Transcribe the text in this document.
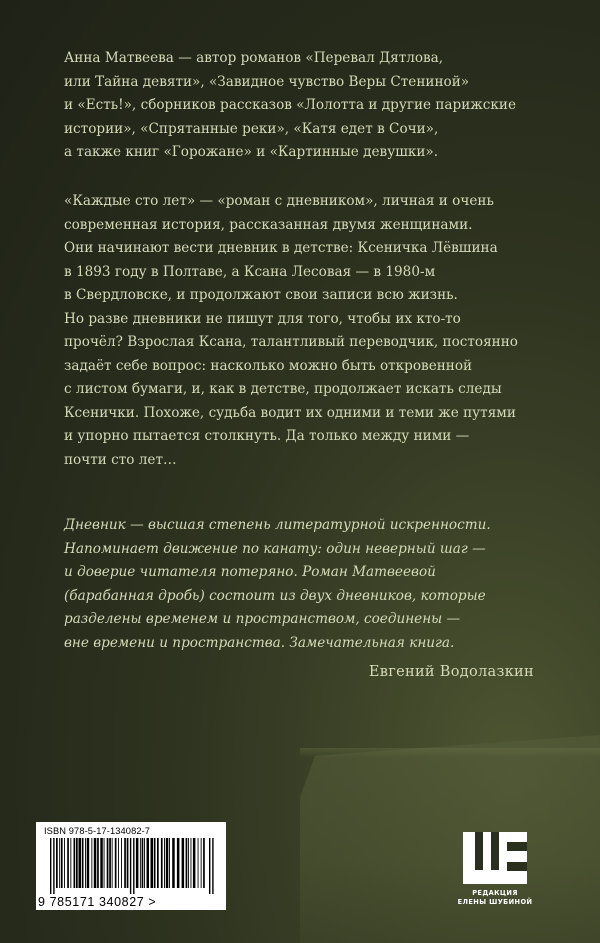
Анна Матвеева — автор романов «Перевал Дятлова,

или Тайна девяти», «Завидное чувство Веры Стениной»

и «Есть!», сборников рассказов «Лолотта и другие парижские

истории», «Спрятанные реки», «Катя едет в Сочи»,

а также книг «Горожане» и «Картинные девушки».

«Каждые сто лет» — «роман с дневником», личная и очень

современная история, рассказанная двумя женщинами.

Они начинают вести дневник в детстве: Ксеничка Лёвшина

в 1893 году в Полтаве, а Ксана Лесовая — в 1980-м

в Свердловске, и продолжают свои записи всю жизнь.

Но разве дневники не пишут для того, чтобы их кто-то

прочёл? Взрослая Ксана, талантливый переводчик, постоянно

задаёт себе вопрос: насколько можно быть откровенной

с листом бумаги, и, как в детстве, продолжает искать следы

Ксенички. Похоже, судьба водит их одними и теми же путями

и упорно пытается столкнуть. Да только между ними —

почти сто лет…

Дневник — высшая степень литературной искренности.

Напоминает движение по канату: один неверный шаг —

и доверие читателя потеряно. Роман Матвеевой

(барабанная дробь) состоит из двух дневников, которые

разделены временем и пространством, соединены —

вне времени и пространства. Замечательная книга.

Евгений Водолазкин
ISBN 978-5-17-134082-7
9 785171 340827 >
РЕДАКЦИЯ
ЕЛЕНЫ ШУБИНОЙ
